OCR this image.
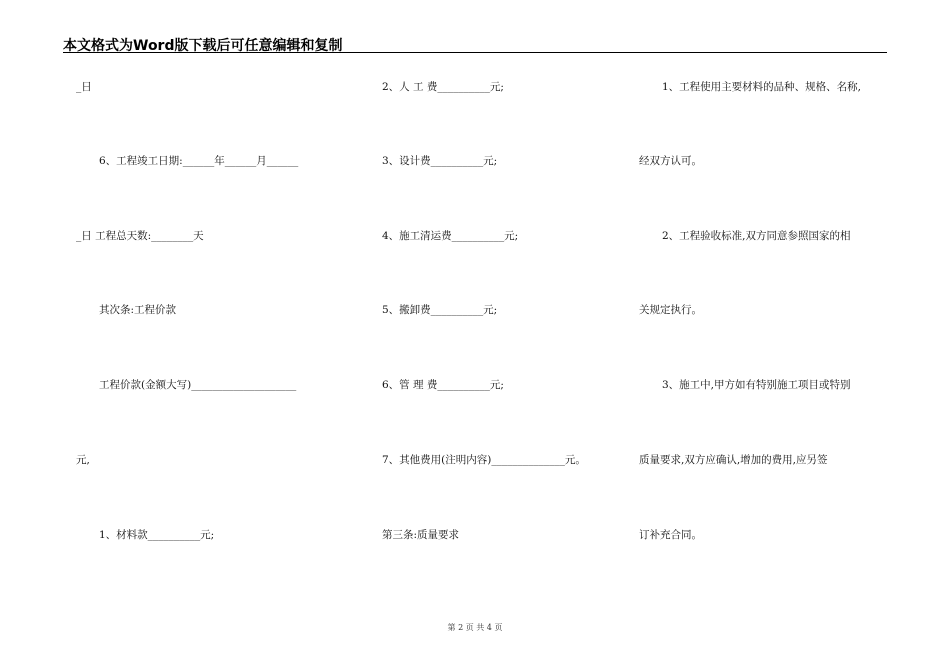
本文格式为Word版下载后可任意编辑和复制
_日
6、工程竣工日期:______年______月______
_日 工程总天数:________天
其次条:工程价款
工程价款(金额大写)____________________
元,
1、材料款__________元;
2、人 工 费__________元;
3、设计费__________元;
4、施工清运费__________元;
5、搬卸费__________元;
6、管 理 费__________元;
7、其他费用(注明内容)______________元。
第三条:质量要求
1、工程使用主要材料的品种、规格、名称,
经双方认可。
2、工程验收标准,双方同意参照国家的相
关规定执行。
3、施工中,甲方如有特别施工项目或特别
质量要求,双方应确认,增加的费用,应另签
订补充合同。
第 2 页 共 4 页
